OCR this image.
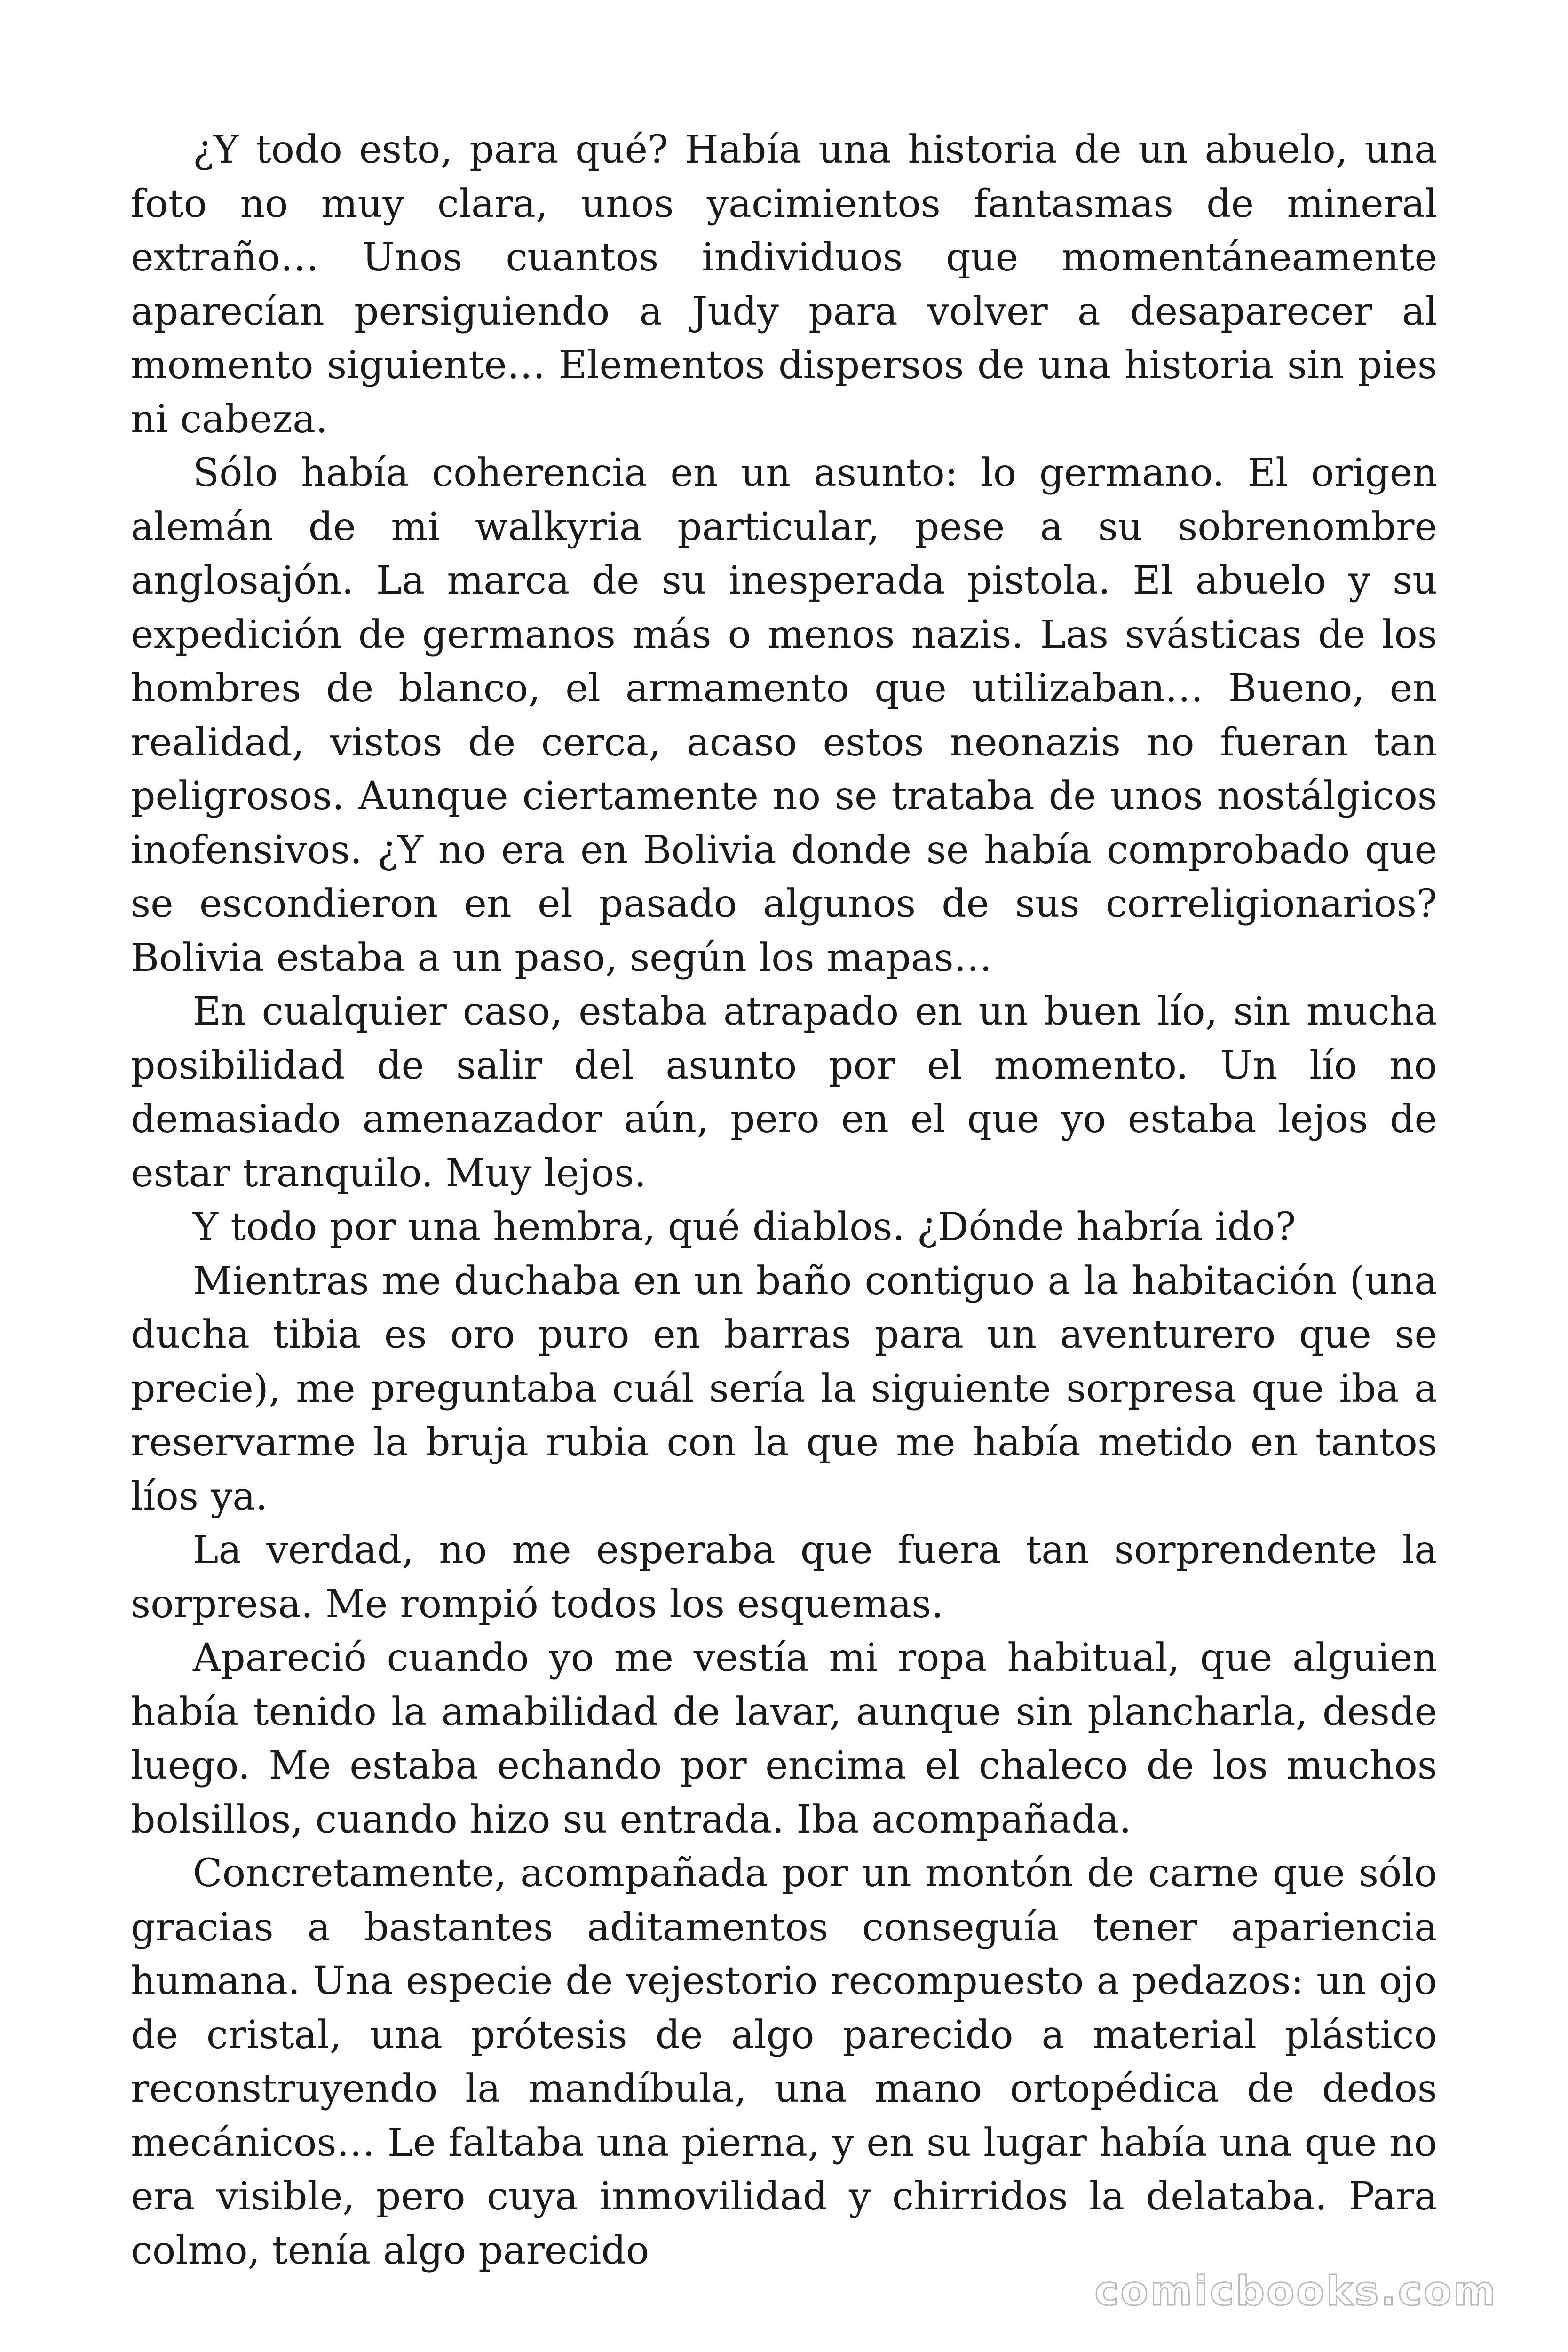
¿Y todo esto, para qué? Había una historia de un abuelo, una foto no muy clara, unos yacimientos fantasmas de mineral extraño… Unos cuantos individuos que momentáneamente aparecían persiguiendo a Judy para volver a desaparecer al momento siguiente… Elementos dispersos de una historia sin pies ni cabeza.

Sólo había coherencia en un asunto: lo germano. El origen alemán de mi walkyria particular, pese a su sobrenombre anglosajón. La marca de su inesperada pistola. El abuelo y su expedición de germanos más o menos nazis. Las svásticas de los hombres de blanco, el armamento que utilizaban… Bueno, en realidad, vistos de cerca, acaso estos neonazis no fueran tan peligrosos. Aunque ciertamente no se trataba de unos nostálgicos inofensivos. ¿Y no era en Bolivia donde se había comprobado que se escondieron en el pasado algunos de sus correligionarios? Bolivia estaba a un paso, según los mapas…

En cualquier caso, estaba atrapado en un buen lío, sin mucha posibilidad de salir del asunto por el momento. Un lío no demasiado amenazador aún, pero en el que yo estaba lejos de estar tranquilo. Muy lejos.

Y todo por una hembra, qué diablos. ¿Dónde habría ido?

Mientras me duchaba en un baño contiguo a la habitación (una ducha tibia es oro puro en barras para un aventurero que se precie), me preguntaba cuál sería la siguiente sorpresa que iba a reservarme la bruja rubia con la que me había metido en tantos líos ya.

La verdad, no me esperaba que fuera tan sorprendente la sorpresa. Me rompió todos los esquemas.

Apareció cuando yo me vestía mi ropa habitual, que alguien había tenido la amabilidad de lavar, aunque sin plancharla, desde luego. Me estaba echando por encima el chaleco de los muchos bolsillos, cuando hizo su entrada. Iba acompañada.

Concretamente, acompañada por un montón de carne que sólo gracias a bastantes aditamentos conseguía tener apariencia humana. Una especie de vejestorio recompuesto a pedazos: un ojo de cristal, una prótesis de algo parecido a material plástico reconstruyendo la mandíbula, una mano ortopédica de dedos mecánicos… Le faltaba una pierna, y en su lugar había una que no era visible, pero cuya inmovilidad y chirridos la delataba. Para colmo, tenía algo parecido

comicbooks.com
